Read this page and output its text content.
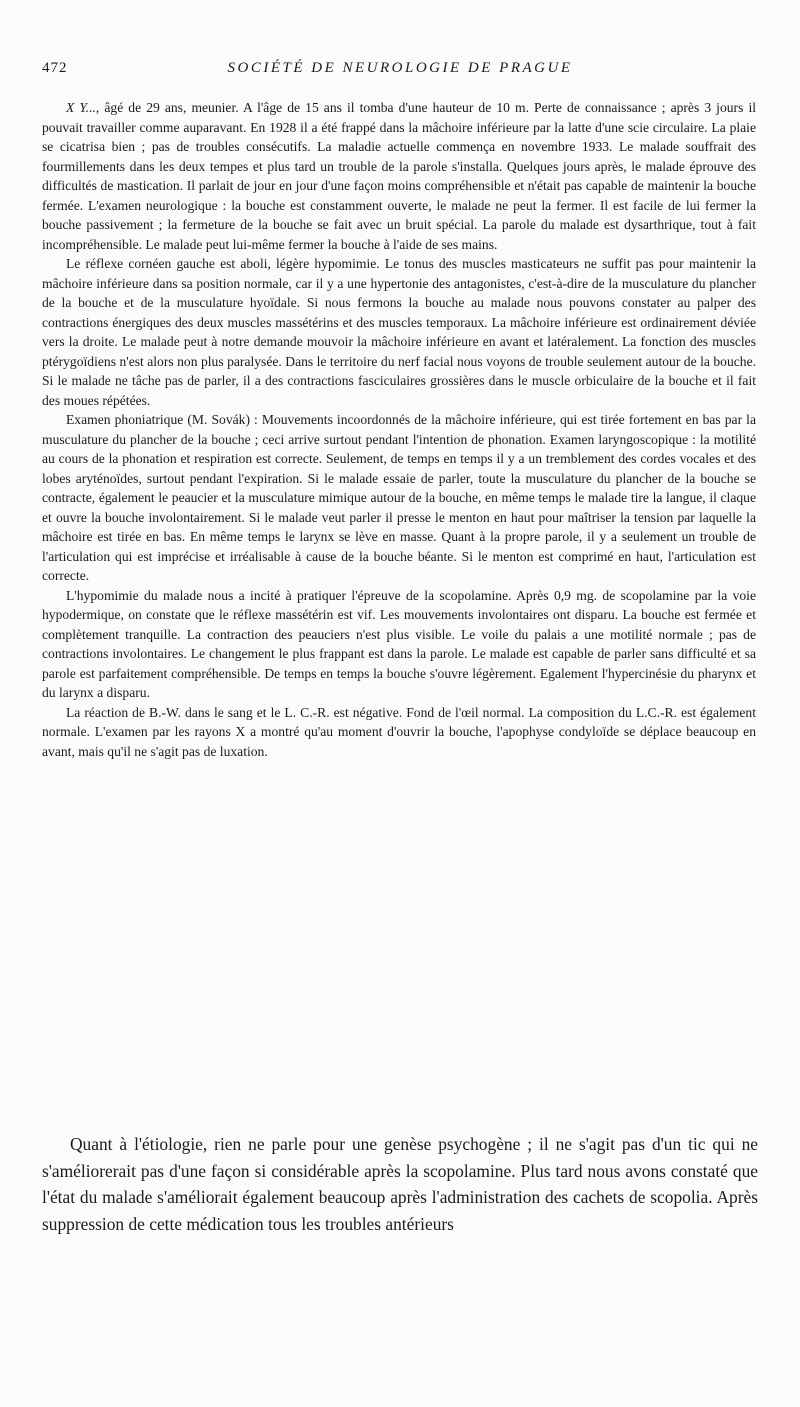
472	SOCIÉTÉ DE NEUROLOGIE DE PRAGUE

X Y..., âgé de 29 ans, meunier. A l'âge de 15 ans il tomba d'une hauteur de 10 m. Perte de connaissance ; après 3 jours il pouvait travailler comme auparavant. En 1928 il a été frappé dans la mâchoire inférieure par la latte d'une scie circulaire. La plaie se cicatrisa bien ; pas de troubles consécutifs. La maladie actuelle commença en novembre 1933. Le malade souffrait des fourmillements dans les deux tempes et plus tard un trouble de la parole s'installa. Quelques jours après, le malade éprouve des difficultés de mastication. Il parlait de jour en jour d'une façon moins compréhensible et n'était pas capable de maintenir la bouche fermée. L'examen neurologique : la bouche est constamment ouverte, le malade ne peut la fermer. Il est facile de lui fermer la bouche passivement ; la fermeture de la bouche se fait avec un bruit spécial. La parole du malade est dysarthrique, tout à fait incompréhensible. Le malade peut lui-même fermer la bouche à l'aide de ses mains.

Le réflexe cornéen gauche est aboli, légère hypomimie. Le tonus des muscles masticateurs ne suffit pas pour maintenir la mâchoire inférieure dans sa position normale, car il y a une hypertonie des antagonistes, c'est-à-dire de la musculature du plancher de la bouche et de la musculature hyoïdale. Si nous fermons la bouche au malade nous pouvons constater au palper des contractions énergiques des deux muscles massétérins et des muscles temporaux. La mâchoire inférieure est ordinairement déviée vers la droite. Le malade peut à notre demande mouvoir la mâchoire inférieure en avant et latéralement. La fonction des muscles ptérygoïdiens n'est alors non plus paralysée. Dans le territoire du nerf facial nous voyons de trouble seulement autour de la bouche. Si le malade ne tâche pas de parler, il a des contractions fasciculaires grossières dans le muscle orbiculaire de la bouche et il fait des moues répétées.

Examen phoniatrique (M. Sovák) : Mouvements incoordonnés de la mâchoire inférieure, qui est tirée fortement en bas par la musculature du plancher de la bouche ; ceci arrive surtout pendant l'intention de phonation. Examen laryngoscopique : la motilité au cours de la phonation et respiration est correcte. Seulement, de temps en temps il y a un tremblement des cordes vocales et des lobes aryténoïdes, surtout pendant l'expiration. Si le malade essaie de parler, toute la musculature du plancher de la bouche se contracte, également le peaucier et la musculature mimique autour de la bouche, en même temps le malade tire la langue, il claque et ouvre la bouche involontairement. Si le malade veut parler il presse le menton en haut pour maîtriser la tension par laquelle la mâchoire est tirée en bas. En même temps le larynx se lève en masse. Quant à la propre parole, il y a seulement un trouble de l'articulation qui est imprécise et irréalisable à cause de la bouche béante. Si le menton est comprimé en haut, l'articulation est correcte.

L'hypomimie du malade nous a incité à pratiquer l'épreuve de la scopolamine. Après 0,9 mg. de scopolamine par la voie hypodermique, on constate que le réflexe massétérin est vif. Les mouvements involontaires ont disparu. La bouche est fermée et complètement tranquille. La contraction des peauciers n'est plus visible. Le voile du palais a une motilité normale ; pas de contractions involontaires. Le changement le plus frappant est dans la parole. Le malade est capable de parler sans difficulté et sa parole est parfaitement compréhensible. De temps en temps la bouche s'ouvre légèrement. Egalement l'hypercinésie du pharynx et du larynx a disparu.

La réaction de B.-W. dans le sang et le L. C.-R. est négative. Fond de l'œil normal. La composition du L.C.-R. est également normale. L'examen par les rayons X a montré qu'au moment d'ouvrir la bouche, l'apophyse condyloïde se déplace beaucoup en avant, mais qu'il ne s'agit pas de luxation.

Quant à l'étiologie, rien ne parle pour une genèse psychogène ; il ne s'agit pas d'un tic qui ne s'améliorerait pas d'une façon si considérable après la scopolamine. Plus tard nous avons constaté que l'état du malade s'améliorait également beaucoup après l'administration des cachets de scopolia. Après suppression de cette médication tous les troubles antérieurs
